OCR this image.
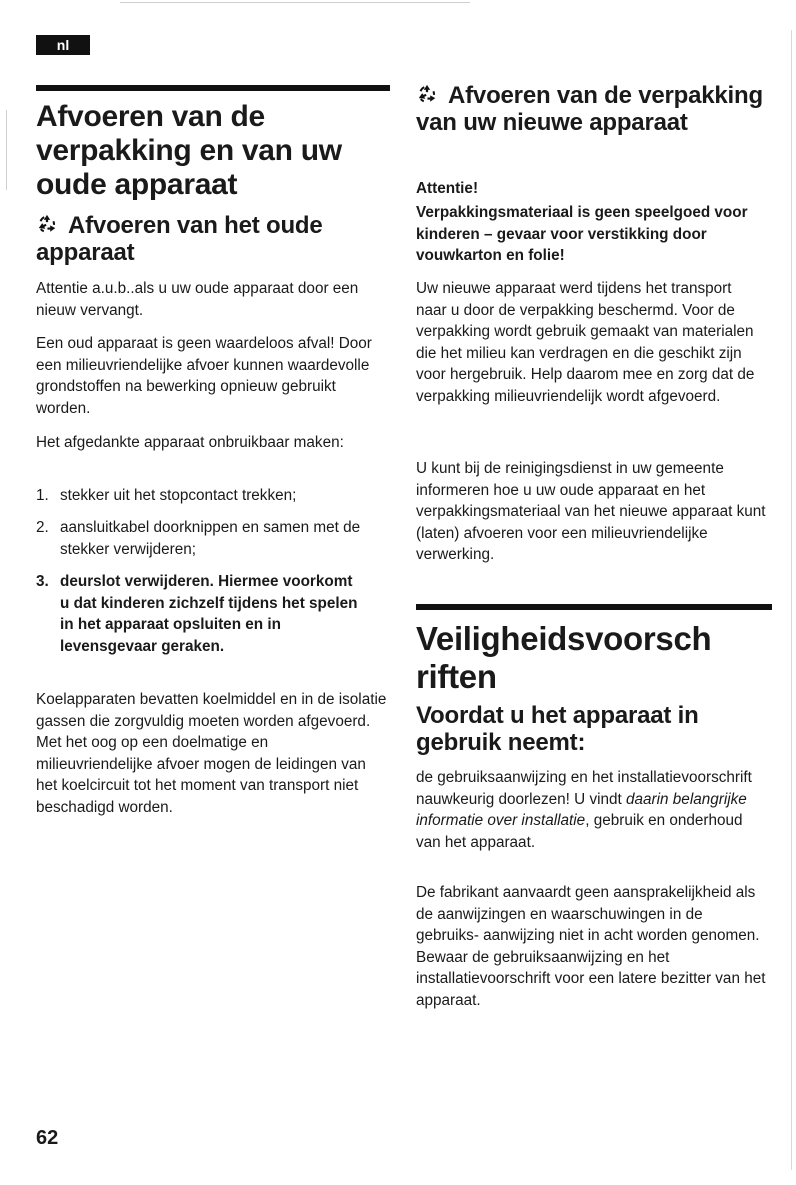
nl
Afvoeren van de verpakking en van uw oude apparaat
Afvoeren van het oude apparaat

Attentie a.u.b..als u uw oude apparaat door een nieuw vervangt.

Een oud apparaat is geen waardeloos afval! Door een milieuvriendelijke afvoer kunnen waardevolle grondstoffen na bewerking opnieuw gebruikt worden.

Het afgedankte apparaat onbruikbaar maken:

1. stekker uit het stopcontact trekken;
2. aansluitkabel doorknippen en samen met de stekker verwijderen;
3. deurslot verwijderen. Hiermee voorkomt u dat kinderen zichzelf tijdens het spelen in het apparaat opsluiten en in levensgevaar geraken.

Koelapparaten bevatten koelmiddel en in de isolatie gassen die zorgvuldig moeten worden afgevoerd. Met het oog op een doelmatige en milieuvriendelijke afvoer mogen de leidingen van het koelcircuit tot het moment van transport niet beschadigd worden.

Afvoeren van de verpakking van uw nieuwe apparaat

Attentie!

Verpakkingsmateriaal is geen speelgoed voor kinderen – gevaar voor verstikking door vouwkarton en folie!

Uw nieuwe apparaat werd tijdens het transport naar u door de verpakking beschermd. Voor de verpakking wordt gebruik gemaakt van materialen die het milieu kan verdragen en die geschikt zijn voor hergebruik. Help daarom mee en zorg dat de verpakking milieuvriendelijk wordt afgevoerd.

U kunt bij de reinigingsdienst in uw gemeente informeren hoe u uw oude apparaat en het verpakkingsmateriaal van het nieuwe apparaat kunt (laten) afvoeren voor een milieuvriendelijke verwerking.

Veiligheidsvoorschriften
Voordat u het apparaat in gebruik neemt:

de gebruiksaanwijzing en het installatievoorschrift nauwkeurig doorlezen! U vindt daarin belangrijke informatie over installatie, gebruik en onderhoud van het apparaat.

De fabrikant aanvaardt geen aansprakelijkheid als de aanwijzingen en waarschuwingen in de gebruiks- aanwijzing niet in acht worden genomen. Bewaar de gebruiksaanwijzing en het installatievoorschrift voor een latere bezitter van het apparaat.

62
